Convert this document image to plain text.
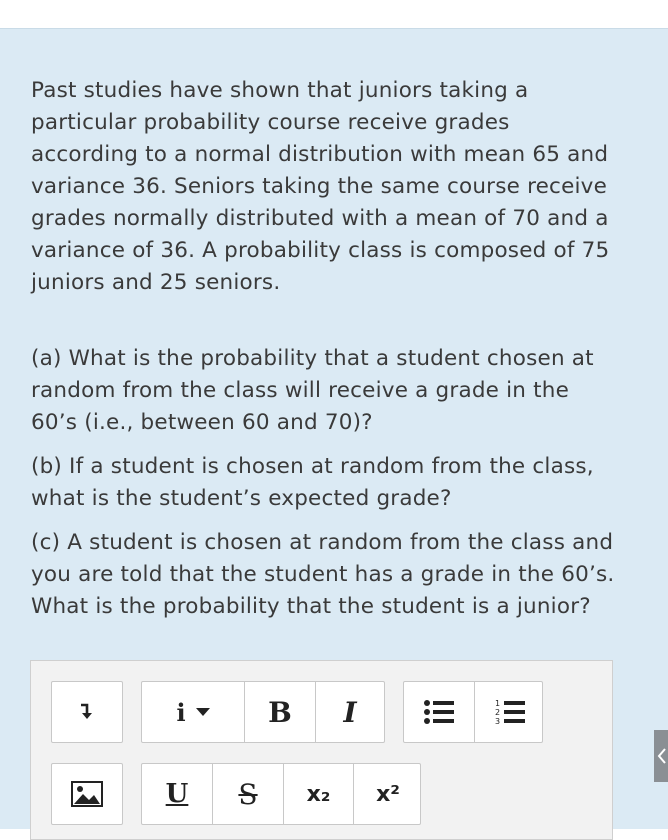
Past studies have shown that juniors taking a particular probability course receive grades according to a normal distribution with mean 65 and variance 36. Seniors taking the same course receive grades normally distributed with a mean of 70 and a variance of 36. A probability class is composed of 75 juniors and 25 seniors.

(a) What is the probability that a student chosen at random from the class will receive a grade in the 60’s (i.e., between 60 and 70)?

(b) If a student is chosen at random from the class, what is the student’s expected grade?

(c) A student is chosen at random from the class and you are told that the student has a grade in the 60’s. What is the probability that the student is a junior?

i	B I	1
2
3
U S x₂ x²
